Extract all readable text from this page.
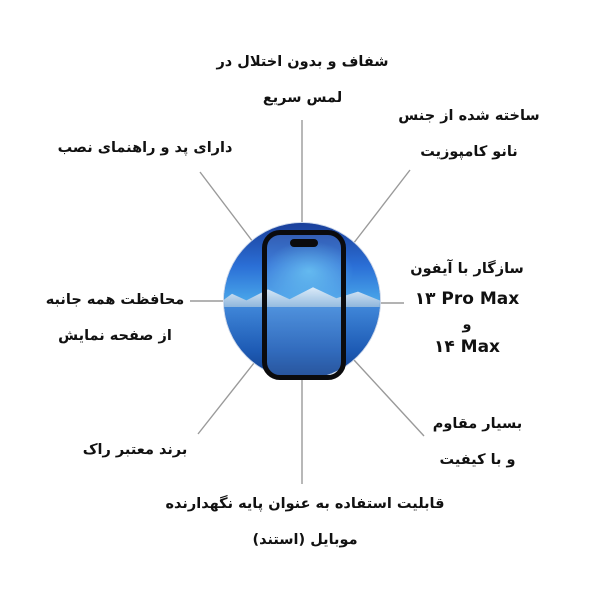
شفاف و بدون اختلال در
لمس سریع
دارای پد و راهنمای نصب
ساخته شده از جنس
نانو کامپوزیت
محافظت همه جانبه
از صفحه نمایش
سازگار با آیفون
۱۳ Pro Max
و
۱۴ Max
برند معتبر راک
بسیار مقاوم
و با کیفیت
قابلیت استفاده به عنوان پایه نگهدارنده
موبایل (استند)
